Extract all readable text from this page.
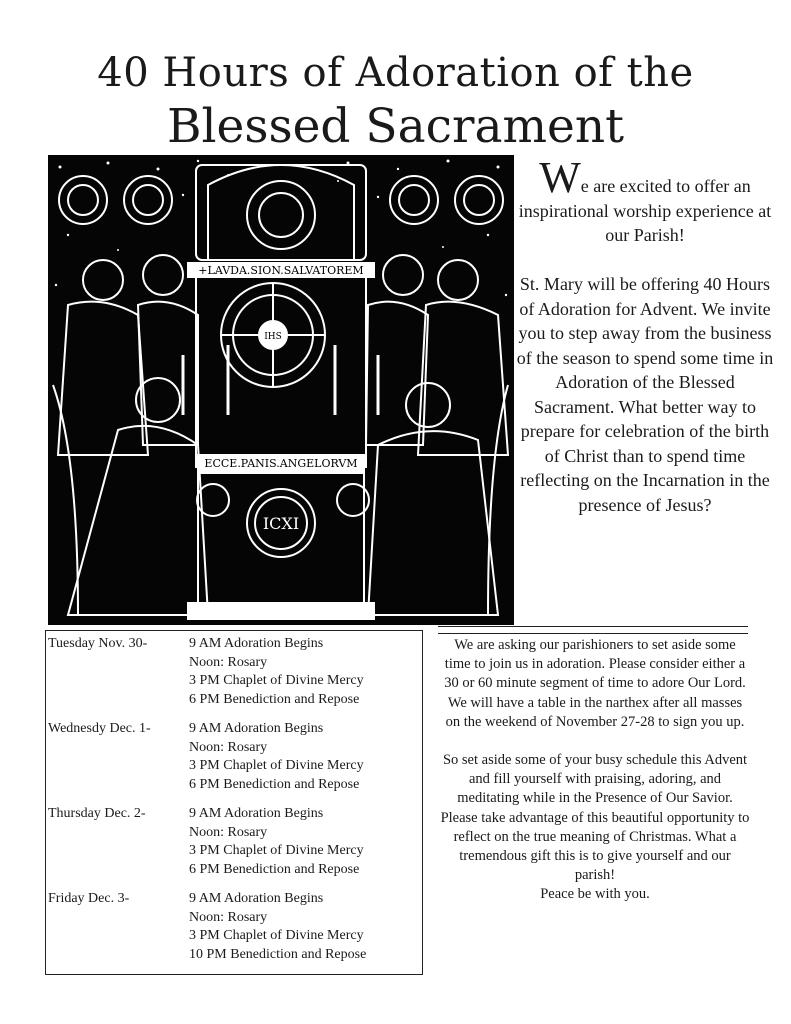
40 Hours of Adoration of the
Blessed Sacrament
+LAVDA.SION.SALVATOREM
IHS
ECCE.PANIS.ANGELORVM
ICXI

We are excited to offer an inspirational worship experience at our Parish!

St. Mary will be offering 40 Hours of Adoration for Advent. We invite you to step away from the business of the season to spend some time in Adoration of the Blessed Sacrament. What better way to prepare for celebration of the birth of Christ than to spend time reflecting on the Incarnation in the presence of Jesus?

Tuesday Nov. 30-	9 AM Adoration Begins
Noon: Rosary
3 PM Chaplet of Divine Mercy
6 PM Benediction and Repose
Wednesdy Dec. 1-	9 AM Adoration Begins
Noon: Rosary
3 PM Chaplet of Divine Mercy
6 PM Benediction and Repose
Thursday Dec. 2-	9 AM Adoration Begins
Noon: Rosary
3 PM Chaplet of Divine Mercy
6 PM Benediction and Repose
Friday Dec. 3-	9 AM Adoration Begins
Noon: Rosary
3 PM Chaplet of Divine Mercy
10 PM Benediction and Repose

We are asking our parishioners to set aside some time to join us in adoration. Please consider either a 30 or 60 minute segment of time to adore Our Lord. We will have a table in the narthex after all masses on the weekend of November 27-28 to sign you up.

So set aside some of your busy schedule this Advent and fill yourself with praising, adoring, and meditating while in the Presence of Our Savior. Please take advantage of this beautiful opportunity to reflect on the true meaning of Christmas. What a tremendous gift this is to give yourself and our parish!

Peace be with you.
